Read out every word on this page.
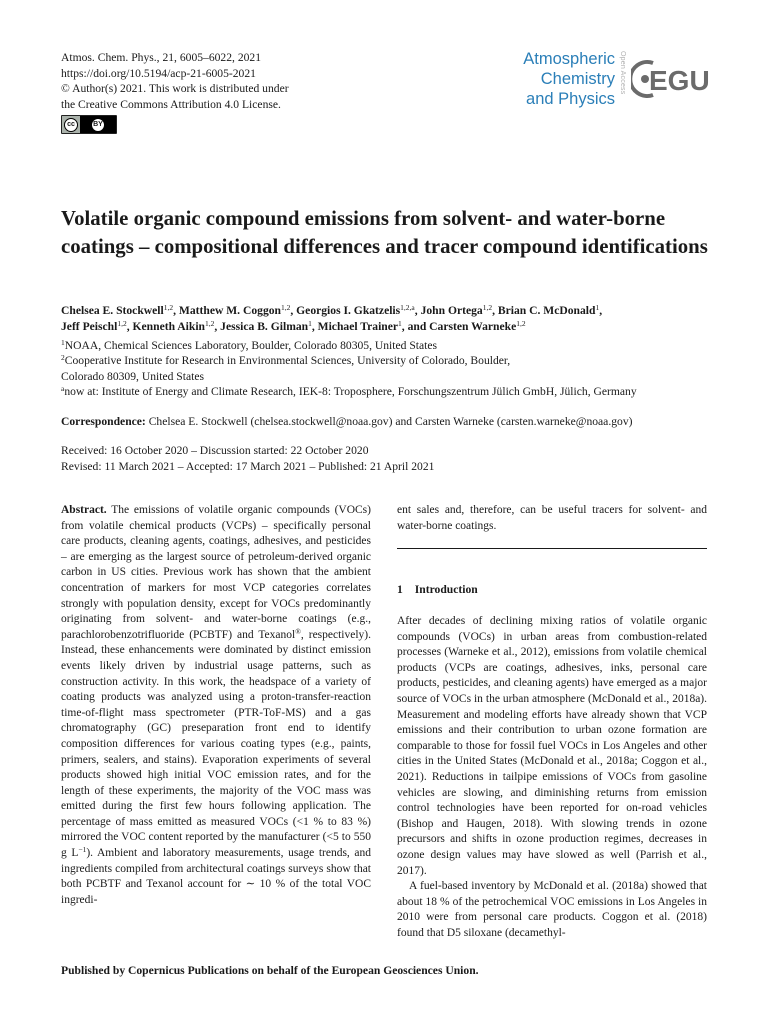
Atmos. Chem. Phys., 21, 6005–6022, 2021
https://doi.org/10.5194/acp-21-6005-2021
© Author(s) 2021. This work is distributed under
the Creative Commons Attribution 4.0 License.
cc	BY
Atmospheric
Chemistry
and Physics
Open Access EGU
Volatile organic compound emissions from solvent- and water-borne coatings – compositional differences and tracer compound identifications
Chelsea E. Stockwell$^{1,2}$, Matthew M. Coggon$^{1,2}$, Georgios I. Gkatzelis$^{1,2,a}$, John Ortega$^{1,2}$, Brian C. McDonald$^1$,
Jeff Peischl$^{1,2}$, Kenneth Aikin$^{1,2}$, Jessica B. Gilman$^1$, Michael Trainer$^1$, and Carsten Warneke$^{1,2}$
$^1$NOAA, Chemical Sciences Laboratory, Boulder, Colorado 80305, United States
$^2$Cooperative Institute for Research in Environmental Sciences, University of Colorado, Boulder,
Colorado 80309, United States
$^a$now at: Institute of Energy and Climate Research, IEK-8: Troposphere, Forschungszentrum Jülich GmbH, Jülich, Germany
Correspondence: Chelsea E. Stockwell (chelsea.stockwell@noaa.gov) and Carsten Warneke (carsten.warneke@noaa.gov)
Received: 16 October 2020 – Discussion started: 22 October 2020
Revised: 11 March 2021 – Accepted: 17 March 2021 – Published: 21 April 2021
Abstract. The emissions of volatile organic compounds (VOCs) from volatile chemical products (VCPs) – specifically personal care products, cleaning agents, coatings, adhesives, and pesticides – are emerging as the largest source of petroleum-derived organic carbon in US cities. Previous work has shown that the ambient concentration of markers for most VCP categories correlates strongly with population density, except for VOCs predominantly originating from solvent- and water-borne coatings (e.g., parachlorobenzotrifluoride (PCBTF) and Texanol®, respectively). Instead, these enhancements were dominated by distinct emission events likely driven by industrial usage patterns, such as construction activity. In this work, the headspace of a variety of coating products was analyzed using a proton-transfer-reaction time-of-flight mass spectrometer (PTR-ToF-MS) and a gas chromatography (GC) preseparation front end to identify composition differences for various coating types (e.g., paints, primers, sealers, and stains). Evaporation experiments of several products showed high initial VOC emission rates, and for the length of these experiments, the majority of the VOC mass was emitted during the first few hours following application. The percentage of mass emitted as measured VOCs (<1 % to 83 %) mirrored the VOC content reported by the manufacturer (<5 to 550 g $L^{-1}$). Ambient and laboratory measurements, usage trends, and ingredients compiled from architectural coatings surveys show that both PCBTF and Texanol account for ∼ 10 % of the total VOC ingredi-
ent sales and, therefore, can be useful tracers for solvent- and water-borne coatings.
1 Introduction

After decades of declining mixing ratios of volatile organic compounds (VOCs) in urban areas from combustion-related processes (Warneke et al., 2012), emissions from volatile chemical products (VCPs are coatings, adhesives, inks, personal care products, pesticides, and cleaning agents) have emerged as a major source of VOCs in the urban atmosphere (McDonald et al., 2018a). Measurement and modeling efforts have already shown that VCP emissions and their contribution to urban ozone formation are comparable to those for fossil fuel VOCs in Los Angeles and other cities in the United States (McDonald et al., 2018a; Coggon et al., 2021). Reductions in tailpipe emissions of VOCs from gasoline vehicles are slowing, and diminishing returns from emission control technologies have been reported for on-road vehicles (Bishop and Haugen, 2018). With slowing trends in ozone precursors and shifts in ozone production regimes, decreases in ozone design values may have slowed as well (Parrish et al., 2017).

A fuel-based inventory by McDonald et al. (2018a) showed that about 18 % of the petrochemical VOC emissions in Los Angeles in 2010 were from personal care products. Coggon et al. (2018) found that D5 siloxane (decamethyl-

Published by Copernicus Publications on behalf of the European Geosciences Union.
